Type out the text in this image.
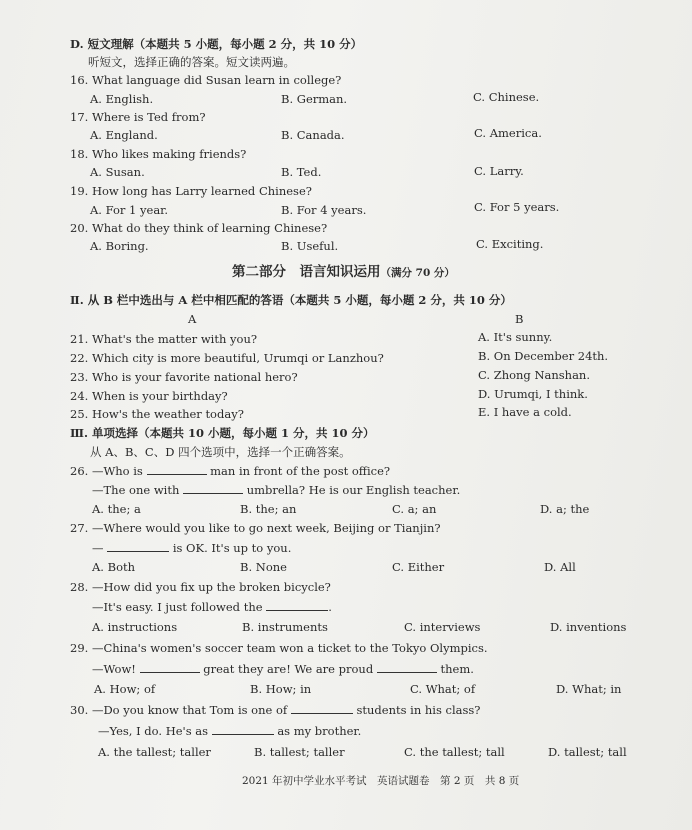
D. 短文理解（本题共 5 小题，每小题 2 分，共 10 分）
听短文，选择正确的答案。短文读两遍。
16. What language did Susan learn in college?
A. English.	B. German.	C. Chinese.
17. Where is Ted from?
A. England.	B. Canada.	C. America.
18. Who likes making friends?
A. Susan.	B. Ted.	C. Larry.
19. How long has Larry learned Chinese?
A. For 1 year.	B. For 4 years.	C. For 5 years.
20. What do they think of learning Chinese?
A. Boring.	B. Useful.	C. Exciting.
第二部分　语言知识运用（满分 70 分）
Ⅱ. 从 B 栏中选出与 A 栏中相匹配的答语（本题共 5 小题，每小题 2 分，共 10 分）
A	B
21. What's the matter with you?	A. It's sunny.
22. Which city is more beautiful, Urumqi or Lanzhou?	B. On December 24th.
23. Who is your favorite national hero?	C. Zhong Nanshan.
24. When is your birthday?	D. Urumqi, I think.
25. How's the weather today?	E. I have a cold.
Ⅲ. 单项选择（本题共 10 小题，每小题 1 分，共 10 分）
从 A、B、C、D 四个选项中，选择一个正确答案。
26. —Who is	man in front of the post office?
—The one with	umbrella? He is our English teacher.
A. the; a	B. the; an	C. a; an	D. a; the
27. —Where would you like to go next week, Beijing or Tianjin?
—	is OK. It's up to you.
A. Both	B. None	C. Either	D. All
28. —How did you fix up the broken bicycle?
—It's easy. I just followed the	.
A. instructions	B. instruments	C. interviews	D. inventions
29. —China's women's soccer team won a ticket to the Tokyo Olympics.
—Wow!	great they are! We are proud	them.
A. How; of	B. How; in	C. What; of	D. What; in
30. —Do you know that Tom is one of	students in his class?
—Yes, I do. He's as	as my brother.
A. the tallest; taller	B. tallest; taller	C. the tallest; tall	D. tallest; tall
2021 年初中学业水平考试　英语试题卷　第 2 页　共 8 页
